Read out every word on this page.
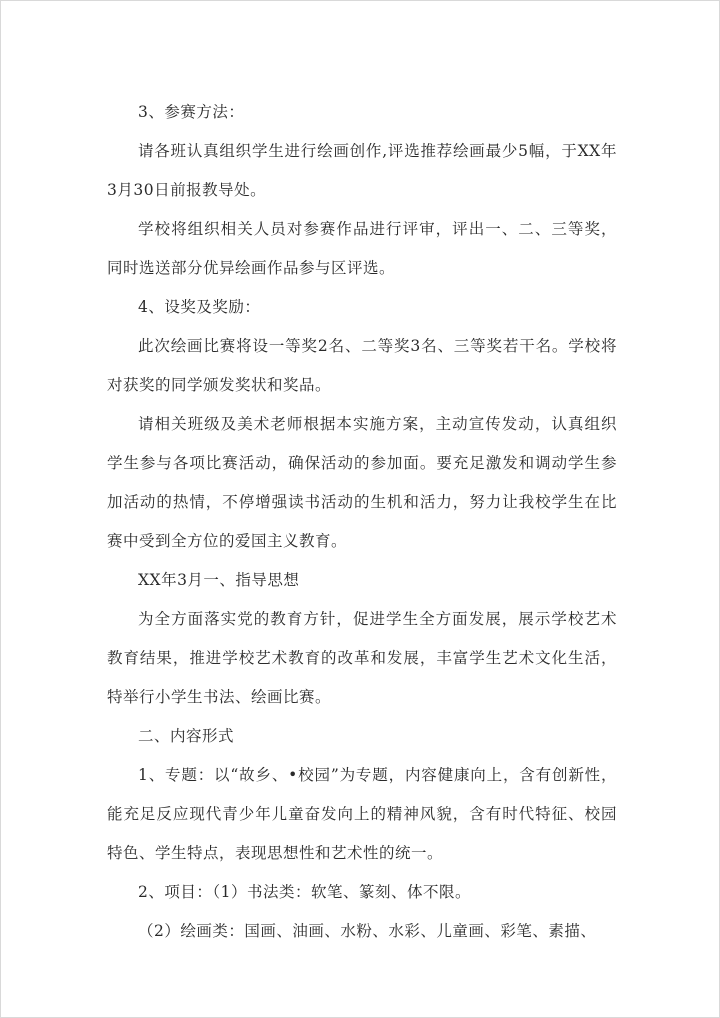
3、参赛方法：

请各班认真组织学生进行绘画创作,评选推荐绘画最少5幅，于XX年3月30日前报教导处。

学校将组织相关人员对参赛作品进行评审，评出一、二、三等奖，同时选送部分优异绘画作品参与区评选。

4、设奖及奖励：

此次绘画比赛将设一等奖2名、二等奖3名、三等奖若干名。学校将对获奖的同学颁发奖状和奖品。

请相关班级及美术老师根据本实施方案，主动宣传发动，认真组织学生参与各项比赛活动，确保活动的参加面。要充足激发和调动学生参加活动的热情，不停增强读书活动的生机和活力，努力让我校学生在比赛中受到全方位的爱国主义教育。

XX年3月一、指导思想

为全方面落实党的教育方针，促进学生全方面发展，展示学校艺术教育结果，推进学校艺术教育的改革和发展，丰富学生艺术文化生活，特举行小学生书法、绘画比赛。

二、内容形式

1、专题：以“故乡、•校园”为专题，内容健康向上，含有创新性，能充足反应现代青少年儿童奋发向上的精神风貌，含有时代特征、校园特色、学生特点，表现思想性和艺术性的统一。

2、项目：（1）书法类：软笔、篆刻、体不限。

（2）绘画类：国画、油画、水粉、水彩、儿童画、彩笔、素描、
